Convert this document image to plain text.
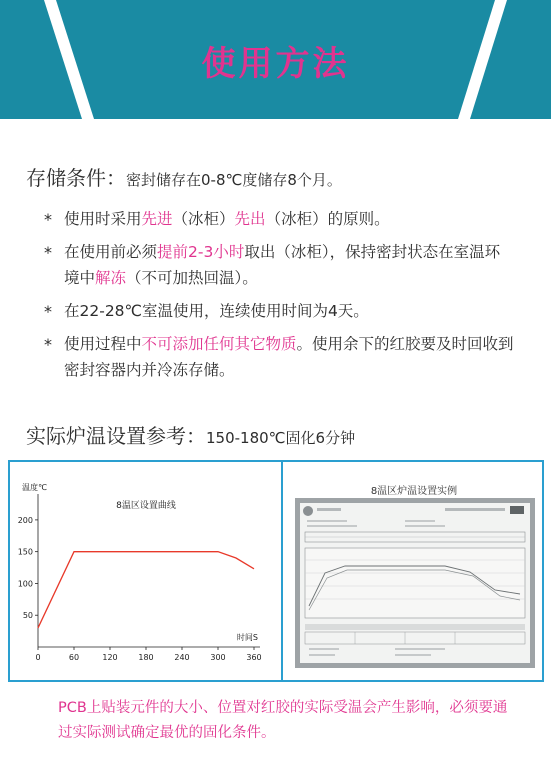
使用方法
存储条件：密封储存在0-8℃度储存8个月。
* 使用时采用先进（冰柜）先出（冰柜）的原则。
* 在使用前必须提前2-3小时取出（冰柜），保持密封状态在室温环境中解冻（不可加热回温）。
* 在22-28℃室温使用，连续使用时间为4天。
* 使用过程中不可添加任何其它物质。使用余下的红胶要及时回收到密封容器内并冷冻存储。
实际炉温设置参考：150-180℃固化6分钟
0	60	120	180	240	300	360
50
100
150
200
温度℃
8温区设置曲线
时间S
8温区炉温设置实例
PCB上贴装元件的大小、位置对红胶的实际受温会产生影响，必须要通过实际测试确定最优的固化条件。
